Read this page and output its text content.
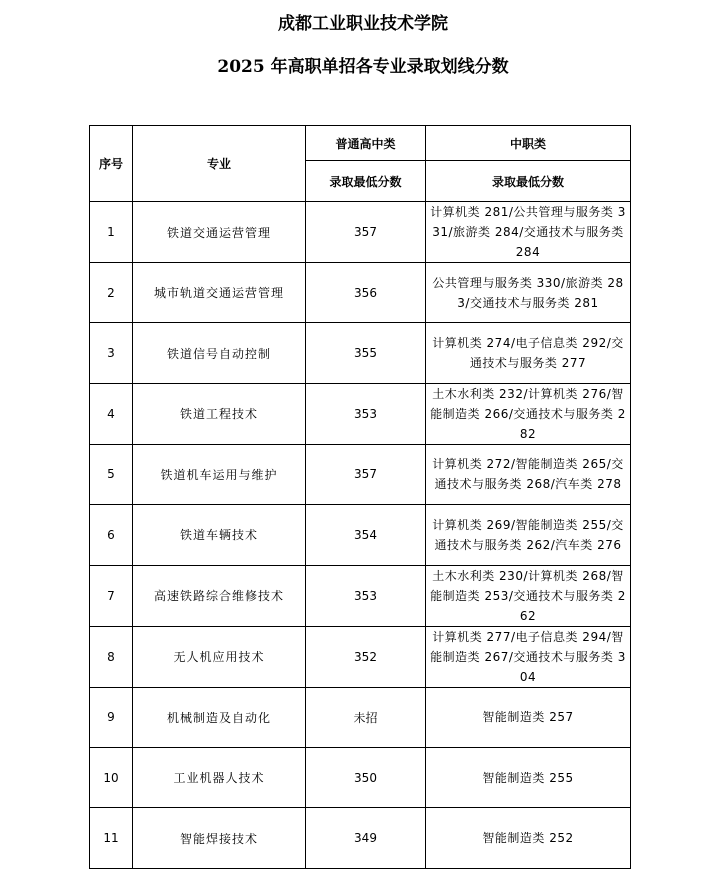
成都工业职业技术学院
2025 年高职单招各专业录取划线分数
序号	专业	普通高中类	中职类
		录取最低分数	录取最低分数
1	铁道交通运营管理	357	计算机类 281/公共管理与服务类 331/旅游类 284/交通技术与服务类 284
2	城市轨道交通运营管理	356	公共管理与服务类 330/旅游类 283/交通技术与服务类 281
3	铁道信号自动控制	355	计算机类 274/电子信息类 292/交通技术与服务类 277
4	铁道工程技术	353	土木水利类 232/计算机类 276/智能制造类 266/交通技术与服务类 282
5	铁道机车运用与维护	357	计算机类 272/智能制造类 265/交通技术与服务类 268/汽车类 278
6	铁道车辆技术	354	计算机类 269/智能制造类 255/交通技术与服务类 262/汽车类 276
7	高速铁路综合维修技术	353	土木水利类 230/计算机类 268/智能制造类 253/交通技术与服务类 262
8	无人机应用技术	352	计算机类 277/电子信息类 294/智能制造类 267/交通技术与服务类 304
9	机械制造及自动化	未招	智能制造类 257
10	工业机器人技术	350	智能制造类 255
11	智能焊接技术	349	智能制造类 252
